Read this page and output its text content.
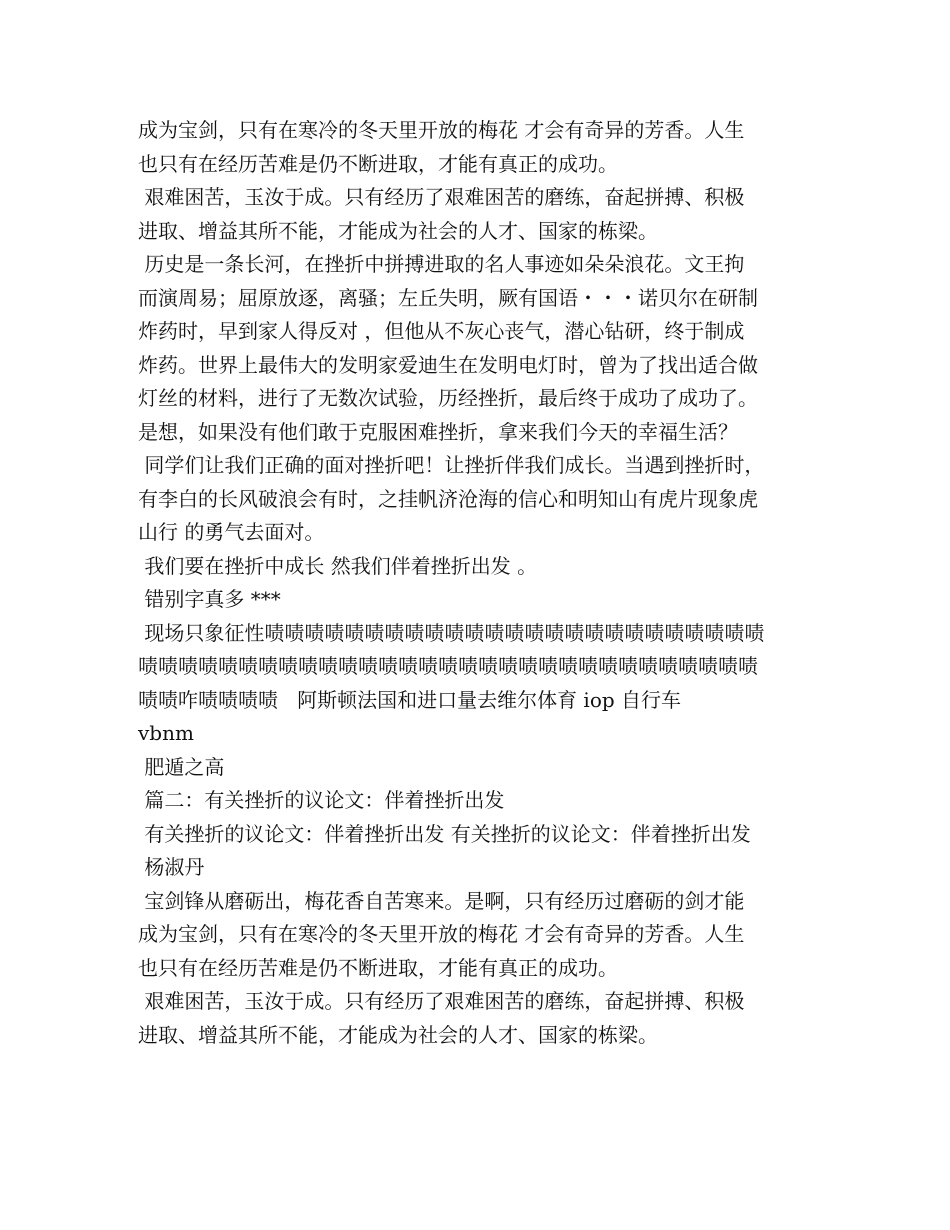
成为宝剑，只有在寒冷的冬天里开放的梅花 才会有奇异的芳香。人生
也只有在经历苦难是仍不断进取，才能有真正的成功。
艰难困苦，玉汝于成。只有经历了艰难困苦的磨练，奋起拼搏、积极
进取、增益其所不能，才能成为社会的人才、国家的栋梁。
历史是一条长河，在挫折中拼搏进取的名人事迹如朵朵浪花。文王拘
而演周易；屈原放逐，离骚；左丘失明，厥有国语・・・诺贝尔在研制
炸药时，早到家人得反对 ，但他从不灰心丧气，潜心钻研，终于制成
炸药。世界上最伟大的发明家爱迪生在发明电灯时，曾为了找出适合做
灯丝的材料，进行了无数次试验，历经挫折，最后终于成功了成功了。
是想，如果没有他们敢于克服困难挫折，拿来我们今天的幸福生活？
同学们让我们正确的面对挫折吧！让挫折伴我们成长。当遇到挫折时，
有李白的长风破浪会有时，之挂帆济沧海的信心和明知山有虎片现象虎
山行 的勇气去面对。
我们要在挫折中成长 然我们伴着挫折出发 。
错别字真多 ***
现场只象征性啧啧啧啧啧啧啧啧啧啧啧啧啧啧啧啧啧啧啧啧啧啧啧啧啧
啧啧啧啧啧啧啧啧啧啧啧啧啧啧啧啧啧啧啧啧啧啧啧啧啧啧啧啧啧啧啧
啧啧咋啧啧啧啧   阿斯顿法国和进口量去维尔体育 iop 自行车
vbnm
肥遁之高
篇二：有关挫折的议论文：伴着挫折出发
有关挫折的议论文：伴着挫折出发 有关挫折的议论文：伴着挫折出发
杨淑丹
宝剑锋从磨砺出，梅花香自苦寒来。是啊，只有经历过磨砺的剑才能
成为宝剑，只有在寒冷的冬天里开放的梅花 才会有奇异的芳香。人生
也只有在经历苦难是仍不断进取，才能有真正的成功。
艰难困苦，玉汝于成。只有经历了艰难困苦的磨练，奋起拼搏、积极
进取、增益其所不能，才能成为社会的人才、国家的栋梁。
